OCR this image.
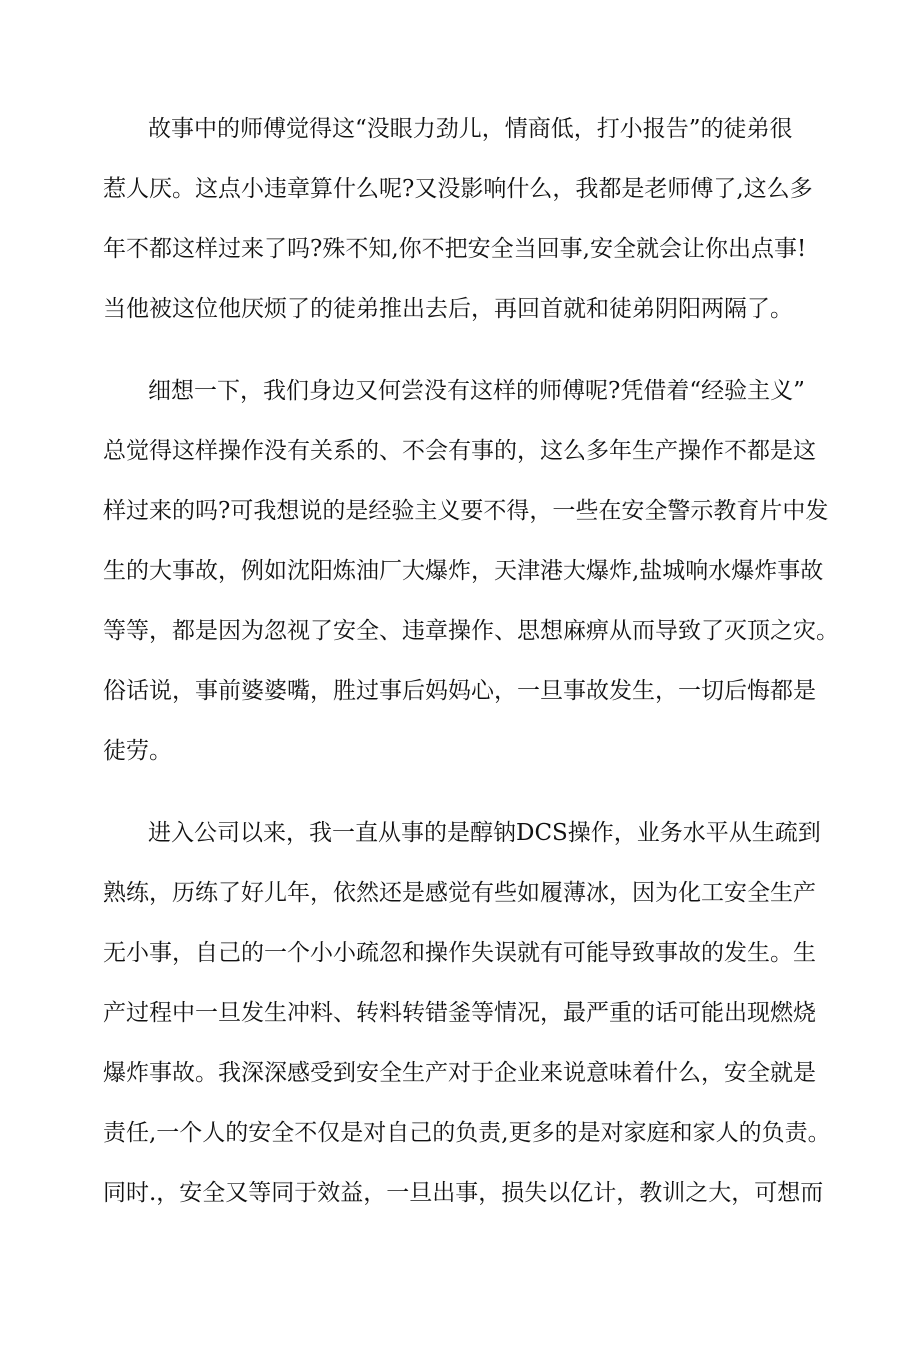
故事中的师傅觉得这“没眼力劲儿，情商低，打小报告”的徒弟很

惹人厌。这点小违章算什么呢?又没影响什么，我都是老师傅了,这么多

年不都这样过来了吗?殊不知,你不把安全当回事,安全就会让你出点事!

当他被这位他厌烦了的徒弟推出去后，再回首就和徒弟阴阳两隔了。

细想一下，我们身边又何尝没有这样的师傅呢?凭借着“经验主义”

总觉得这样操作没有关系的、不会有事的，这么多年生产操作不都是这

样过来的吗?可我想说的是经验主义要不得，一些在安全警示教育片中发

生的大事故，例如沈阳炼油厂大爆炸，天津港大爆炸,盐城响水爆炸事故

等等，都是因为忽视了安全、违章操作、思想麻痹从而导致了灭顶之灾。

俗话说，事前婆婆嘴，胜过事后妈妈心，一旦事故发生，一切后悔都是

徒劳。

进入公司以来，我一直从事的是醇钠DCS操作，业务水平从生疏到

熟练，历练了好儿年，依然还是感觉有些如履薄冰，因为化工安全生产

无小事，自己的一个小小疏忽和操作失误就有可能导致事故的发生。生

产过程中一旦发生冲料、转料转错釜等情况，最严重的话可能出现燃烧

爆炸事故。我深深感受到安全生产对于企业来说意味着什么，安全就是

责任,一个人的安全不仅是对自己的负责,更多的是对家庭和家人的负责。

同时.，安全又等同于效益，一旦出事，损失以亿计，教训之大，可想而
